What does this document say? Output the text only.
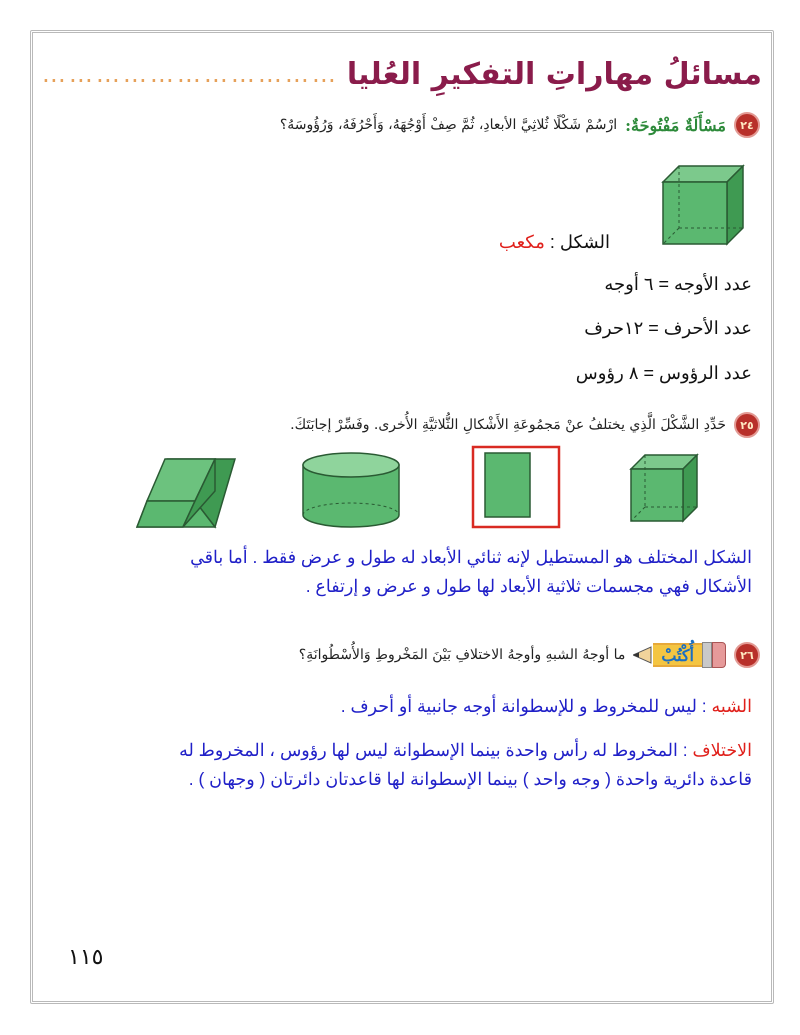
مسائلُ مهاراتِ التفكيرِ العُليا
……………………………
٢٤
مَسْأَلَةٌ مَفْتُوحَةٌ:
ارْسُمْ شَكْلًا ثُلاثِيَّ الأبعادِ، ثُمَّ صِفْ أَوْجُهَهُ، وَأَحْرُفَهُ، وَرُؤُوسَهُ؟
الشكل : مكعب
عدد الأوجه = ٦ أوجه
عدد الأحرف = ١٢حرف
عدد الرؤوس = ٨ رؤوس
٢٥
حَدِّدِ الشَّكْلَ الَّذِي يختلفُ عنْ مَجمُوعَةِ الأَشْكالِ الثُّلاثيَّةِ الأُخرى. وفَسِّرْ إجابَتَكَ.
الشكل المختلف هو المستطيل لإنه ثنائي الأبعاد له طول و عرض فقط . أما باقي
الأشكال فهي مجسمات ثلاثية الأبعاد لها طول و عرض و إرتفاع .
٢٦
أُكْتُبْ
ما أوجهُ الشبهِ وأوجهُ الاختلافِ بَيْنَ المَخْروطِ وَالأُسْطُوانَةِ؟
الشبه : ليس للمخروط و للإسطوانة أوجه جانبية أو أحرف .
الاختلاف : المخروط له رأس واحدة بينما الإسطوانة ليس لها رؤوس ، المخروط له
قاعدة دائرية واحدة ( وجه واحد ) بينما الإسطوانة لها قاعدتان دائرتان ( وجهان ) .
١١٥
